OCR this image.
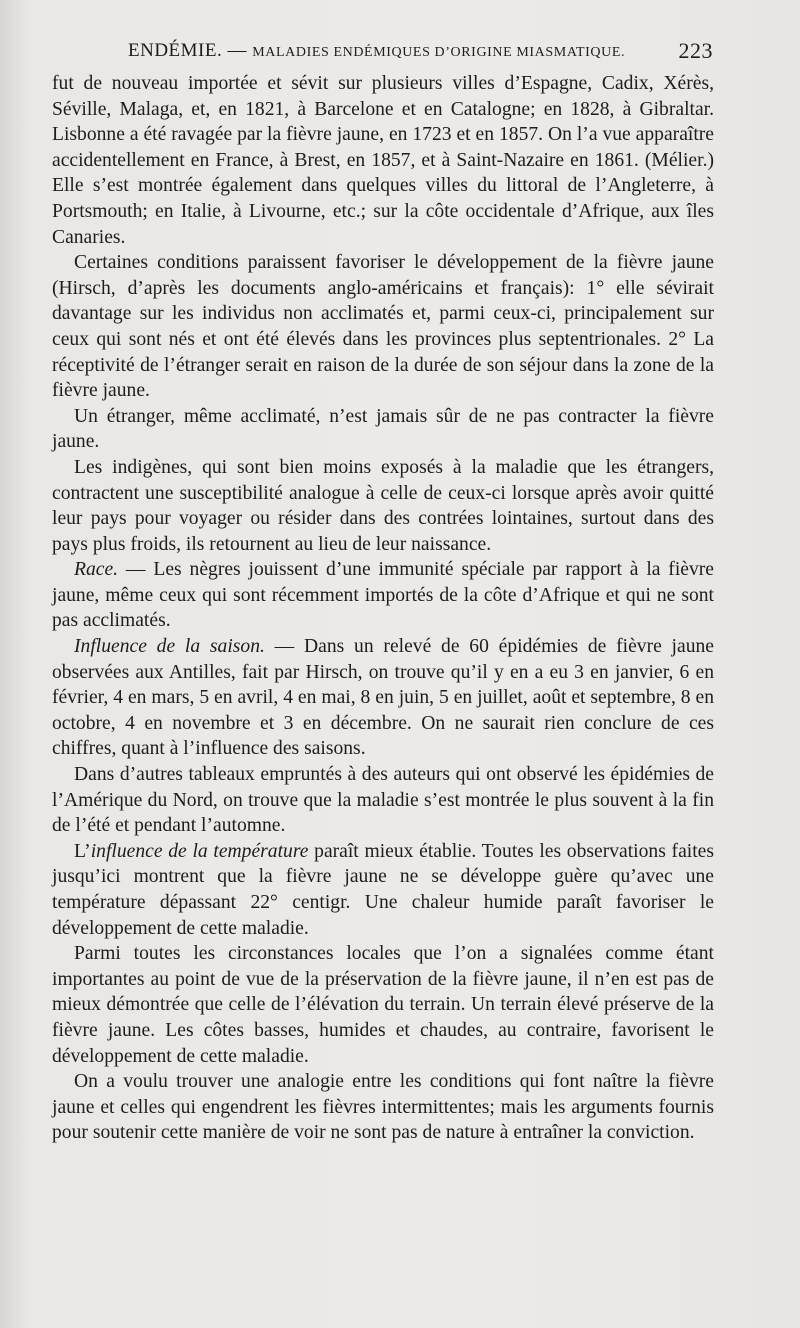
ENDÉMIE. — MALADIES ENDÉMIQUES D’ORIGINE MIASMATIQUE. 223

fut de nouveau importée et sévit sur plusieurs villes d’Espagne, Cadix, Xérès, Séville, Malaga, et, en 1821, à Barcelone et en Catalogne; en 1828, à Gibraltar. Lisbonne a été ravagée par la fièvre jaune, en 1723 et en 1857. On l’a vue apparaître accidentellement en France, à Brest, en 1857, et à Saint-Nazaire en 1861. (Mélier.) Elle s’est montrée également dans quelques villes du littoral de l’Angleterre, à Portsmouth; en Italie, à Livourne, etc.; sur la côte occidentale d’Afrique, aux îles Canaries.

Certaines conditions paraissent favoriser le développement de la fièvre jaune (Hirsch, d’après les documents anglo-américains et français): 1° elle sévirait davantage sur les individus non acclimatés et, parmi ceux-ci, principalement sur ceux qui sont nés et ont été élevés dans les provinces plus septentrionales. 2° La réceptivité de l’étranger serait en raison de la durée de son séjour dans la zone de la fièvre jaune.

Un étranger, même acclimaté, n’est jamais sûr de ne pas contracter la fièvre jaune.

Les indigènes, qui sont bien moins exposés à la maladie que les étrangers, contractent une susceptibilité analogue à celle de ceux-ci lorsque après avoir quitté leur pays pour voyager ou résider dans des contrées lointaines, surtout dans des pays plus froids, ils retournent au lieu de leur naissance.

Race. — Les nègres jouissent d’une immunité spéciale par rapport à la fièvre jaune, même ceux qui sont récemment importés de la côte d’Afrique et qui ne sont pas acclimatés.

Influence de la saison. — Dans un relevé de 60 épidémies de fièvre jaune observées aux Antilles, fait par Hirsch, on trouve qu’il y en a eu 3 en janvier, 6 en février, 4 en mars, 5 en avril, 4 en mai, 8 en juin, 5 en juillet, août et septembre, 8 en octobre, 4 en novembre et 3 en décembre. On ne saurait rien conclure de ces chiffres, quant à l’influence des saisons.

Dans d’autres tableaux empruntés à des auteurs qui ont observé les épidémies de l’Amérique du Nord, on trouve que la maladie s’est montrée le plus souvent à la fin de l’été et pendant l’automne.

L’influence de la température paraît mieux établie. Toutes les observations faites jusqu’ici montrent que la fièvre jaune ne se développe guère qu’avec une température dépassant 22° centigr. Une chaleur humide paraît favoriser le développement de cette maladie.

Parmi toutes les circonstances locales que l’on a signalées comme étant importantes au point de vue de la préservation de la fièvre jaune, il n’en est pas de mieux démontrée que celle de l’élévation du terrain. Un terrain élevé préserve de la fièvre jaune. Les côtes basses, humides et chaudes, au contraire, favorisent le développement de cette maladie.

On a voulu trouver une analogie entre les conditions qui font naître la fièvre jaune et celles qui engendrent les fièvres intermittentes; mais les arguments fournis pour soutenir cette manière de voir ne sont pas de nature à entraîner la conviction.
